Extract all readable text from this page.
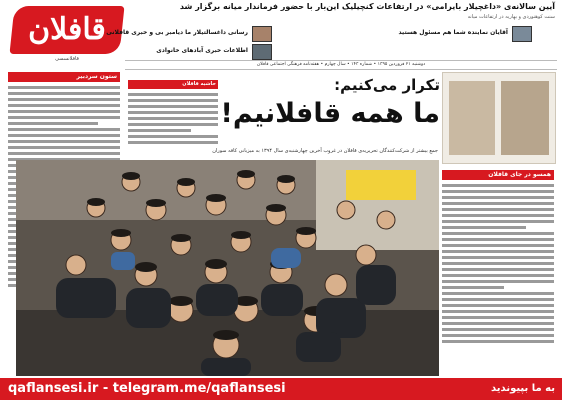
آیین سالانه‌ی «داغچیلار بایرامی» در ارتفاعات کنچیلیک این‌بار با حضور فرماندار میانه برگزار شد
سنت کوهنوردی و بهاریه در ارتفاعات میانه
قافلان
قافلانسسی
آقایان نماینده شما هم مسئول هستید
رسانی داغسالتیلار ما دیامبر بی و خبری قافلانی
اطلاعات خبری آبادهای خانوادی
دوشنبه ۲۱ فروردین ۱۳۹۵ • شماره ۱۴۳ • سال چهارم • هفته‌نامه فرهنگی اجتماعی قافلان
ستون سردبیر
حاشیه قافلان
همسو در جای قافلان
تکرار می‌کنیم:
ما همه قافلانیم!
جمع بیشتر از شرکت‌کنندگان تحریریه‌ی قافلان در غروب آخرین چهارشنبه‌ی سال ۱۳۹۴ به میزبانی کافه سوران
qaflansesi.ir - telegram.me/qaflansesi	به ما بپیوندید
